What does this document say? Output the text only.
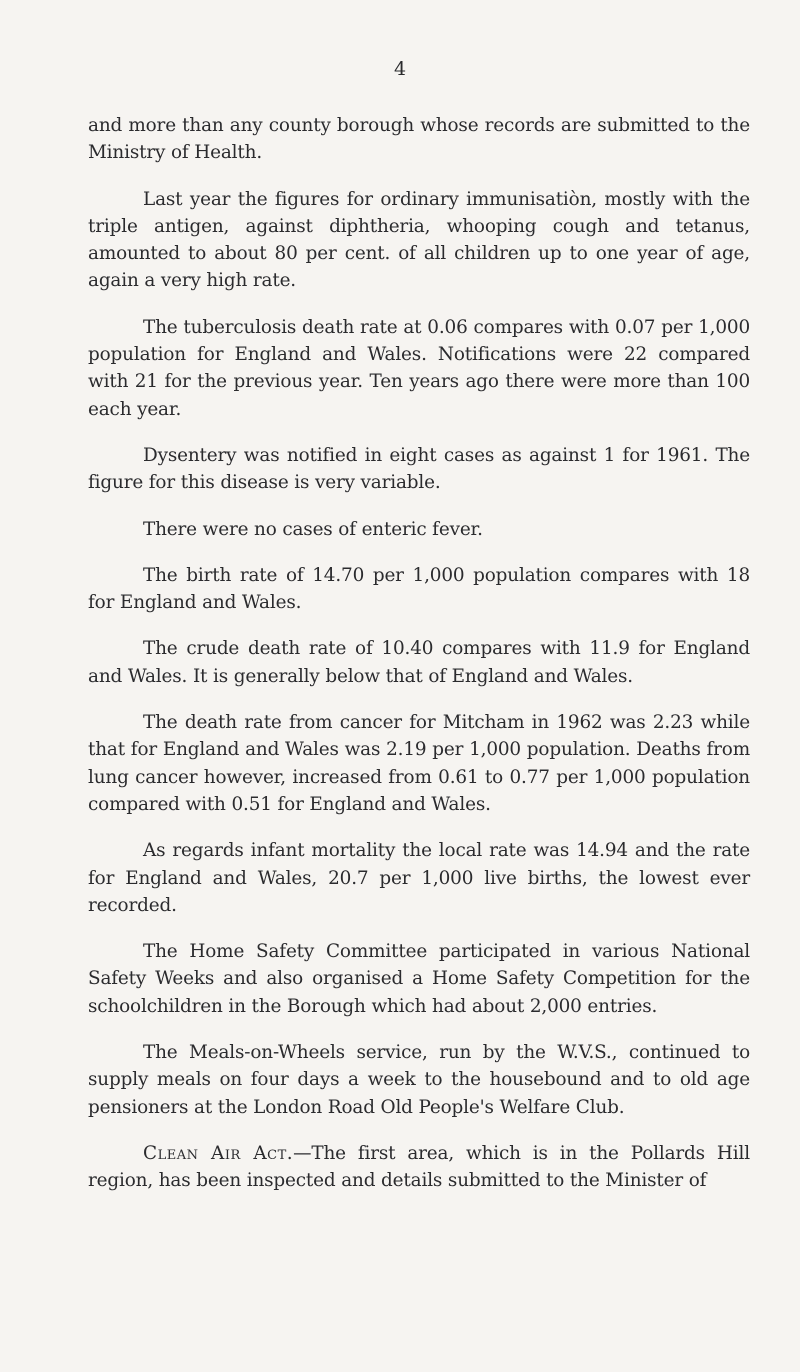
4

and more than any county borough whose records are submitted to the Ministry of Health.

Last year the figures for ordinary immunisatiòn, mostly with the triple antigen, against diphtheria, whooping cough and tetanus, amounted to about 80 per cent. of all children up to one year of age, again a very high rate.

The tuberculosis death rate at 0.06 compares with 0.07 per 1,000 population for England and Wales. Notifications were 22 compared with 21 for the previous year. Ten years ago there were more than 100 each year.

Dysentery was notified in eight cases as against 1 for 1961. The figure for this disease is very variable.

There were no cases of enteric fever.

The birth rate of 14.70 per 1,000 population compares with 18 for England and Wales.

The crude death rate of 10.40 compares with 11.9 for England and Wales. It is generally below that of England and Wales.

The death rate from cancer for Mitcham in 1962 was 2.23 while that for England and Wales was 2.19 per 1,000 population. Deaths from lung cancer however, increased from 0.61 to 0.77 per 1,000 population compared with 0.51 for England and Wales.

As regards infant mortality the local rate was 14.94 and the rate for England and Wales, 20.7 per 1,000 live births, the lowest ever recorded.

The Home Safety Committee participated in various National Safety Weeks and also organised a Home Safety Competition for the schoolchildren in the Borough which had about 2,000 entries.

The Meals-on-Wheels service, run by the W.V.S., continued to supply meals on four days a week to the housebound and to old age pensioners at the London Road Old People's Welfare Club.

Clean Air Act.—The first area, which is in the Pollards Hill region, has been inspected and details submitted to the Minister of
